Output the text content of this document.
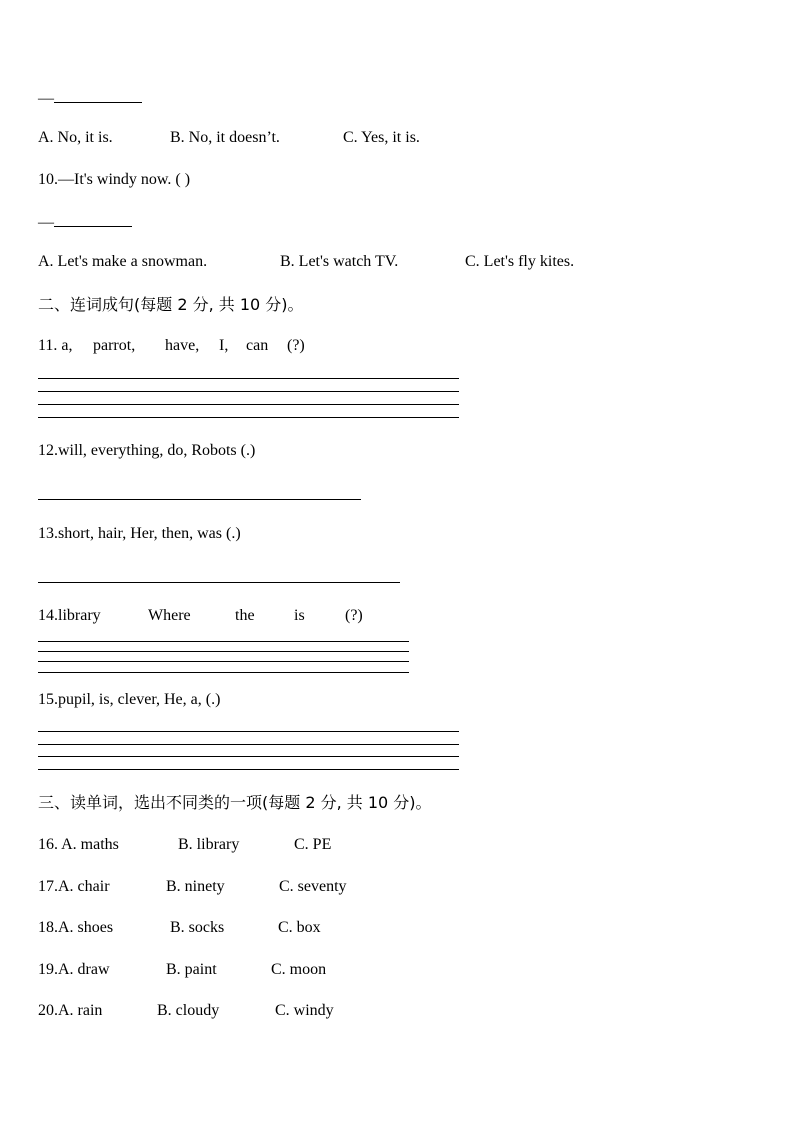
—
A. No, it is.	B. No, it doesn’t.	C. Yes, it is.
10.—It's windy now. ( )
—
A. Let's make a snowman.	B. Let's watch TV.	C. Let's fly kites.
二、连词成句(每题 2 分, 共 10 分)。
11. a, parrot, have, I, can (?)
12.will, everything, do, Robots (.)
13.short, hair, Her, then, was (.)
14.library	Where	the is	(?)
15.pupil, is, clever, He, a, (.)
三、读单词，选出不同类的一项(每题 2 分, 共 10 分)。
16. A. maths	B. library	C. PE
17.A. chair	B. ninety	C. seventy
18.A. shoes	B. socks	C. box
19.A. draw	B. paint	C. moon
20.A. rain	B. cloudy	C. windy
